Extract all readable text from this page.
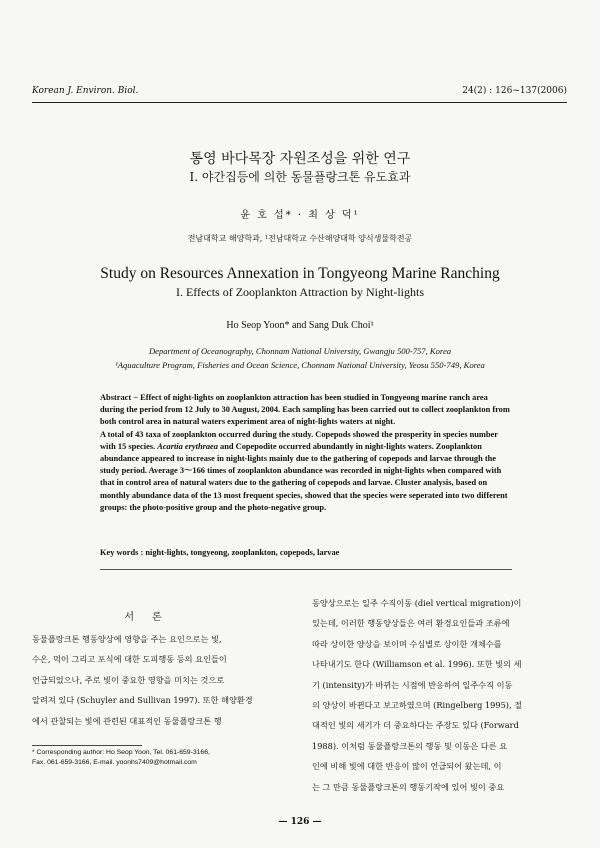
Korean J. Environ. Biol.	24(2) : 126~137(2006)
통영 바다목장 자원조성을 위한 연구
I. 야간집등에 의한 동물플랑크톤 유도효과
윤 호 섭* · 최 상 덕¹
전남대학교 해양학과, ¹전남대학교 수산해양대학 양식생물학전공
Study on Resources Annexation in Tongyeong Marine Ranching
I. Effects of Zooplankton Attraction by Night-lights
Ho Seop Yoon* and Sang Duk Choi¹
Department of Oceanography, Chonnam National University, Gwangju 500-757, Korea
¹Aquaculture Program, Fisheries and Ocean Science, Chonnam National University, Yeosu 550-749, Korea

Abstract − Effect of night-lights on zooplankton attraction has been studied in Tongyeong marine ranch area during the period from 12 July to 30 August, 2004. Each sampling has been carried out to collect zooplankton from both control area in natural waters experiment area of night-lights waters at night.

A total of 43 taxa of zooplankton occurred during the study. Copepods showed the prosperity in species number with 15 species. Acartia erythraea and Copepodite occurred abundantly in night-lights waters. Zooplankton abundance appeared to increase in night-lights mainly due to the gathering of copepods and larvae through the study period. Average 3～166 times of zooplankton abundance was recorded in night-lights when compared with that in control area of natural waters due to the gathering of copepods and larvae. Cluster analysis, based on monthly abundance data of the 13 most frequent species, showed that the species were seperated into two different groups: the photo-positive group and the photo-negative group.

Key words : night-lights, tongyeong, zooplankton, copepods, larvae
서론
동물플랑크톤 행동양상에 영향을 주는 요인으로는 빛,
수온, 먹이 그리고 포식에 대한 도피행동 등의 요인들이
언급되었으나, 주로 빛이 중요한 영향을 미치는 것으로
알려져 있다 (Schuyler and Sullivan 1997). 또한 해양환경
에서 관찰되는 빛에 관련된 대표적인 동물플랑크톤 행
동양상으로는 일주 수직이동 (diel vertical migration)이
있는데, 이러한 행동양상들은 여러 환경요인들과 조류에
따라 상이한 양상을 보이며 수심별로 상이한 개체수를
나타내기도 한다 (Williamson et al. 1996). 또한 빛의 세
기 (intensity)가 바뀌는 시점에 반응하여 일주수직 이동
의 양상이 바뀐다고 보고하였으며 (Ringelberg 1995), 절
대적인 빛의 세기가 더 중요하다는 주장도 있다 (Forward
1988). 이처럼 동물플랑크톤의 행동 및 이동은 다른 요
인에 비해 빛에 대한 반응이 많이 언급되어 왔는데, 이
는 그 만큼 동물플랑크톤의 행동기작에 있어 빛이 중요
* Corresponding author: Ho Seop Yoon, Tel. 061-659-3166,
Fax. 061-659-3166, E-mail. yoonhs7409@hotmail.com
— 126 —
